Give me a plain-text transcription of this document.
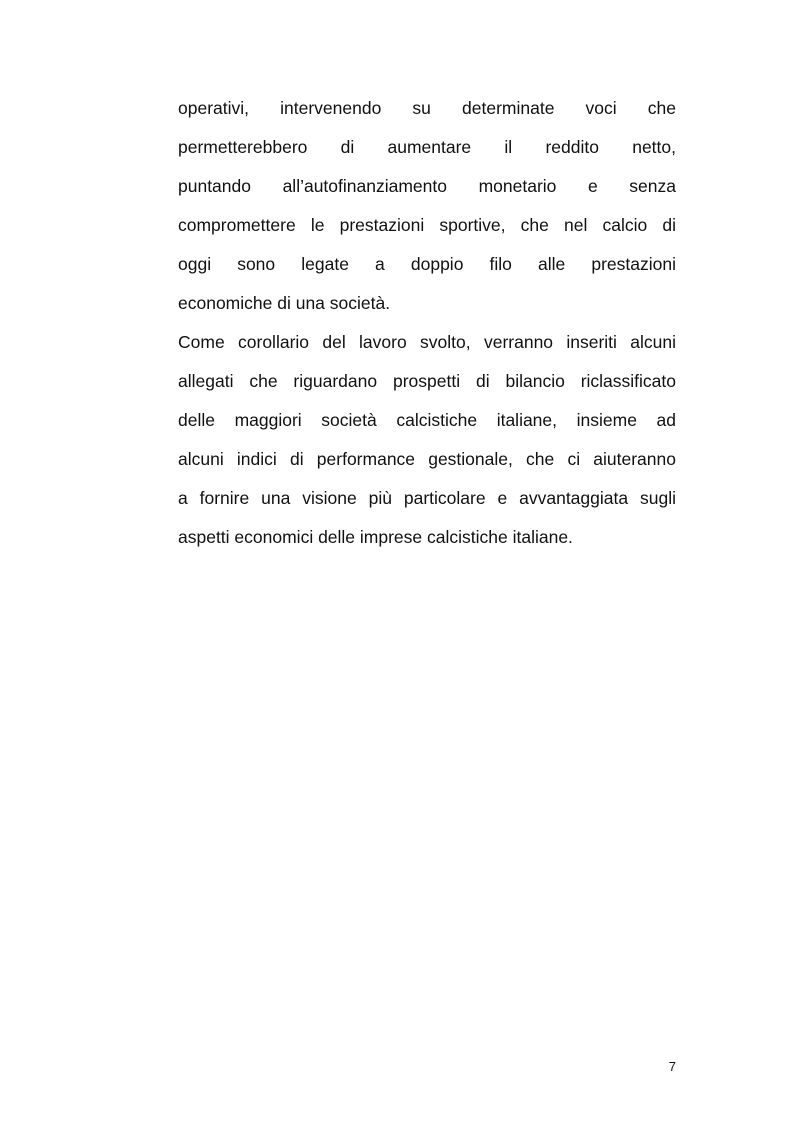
operativi, intervenendo su determinate voci che
permetterebbero di aumentare il reddito netto,
puntando all’autofinanziamento monetario e senza
compromettere le prestazioni sportive, che nel calcio di
oggi sono legate a doppio filo alle prestazioni
economiche di una società.
Come corollario del lavoro svolto, verranno inseriti alcuni
allegati che riguardano prospetti di bilancio riclassificato
delle maggiori società calcistiche italiane, insieme ad
alcuni indici di performance gestionale, che ci aiuteranno
a fornire una visione più particolare e avvantaggiata sugli
aspetti economici delle imprese calcistiche italiane.
7
